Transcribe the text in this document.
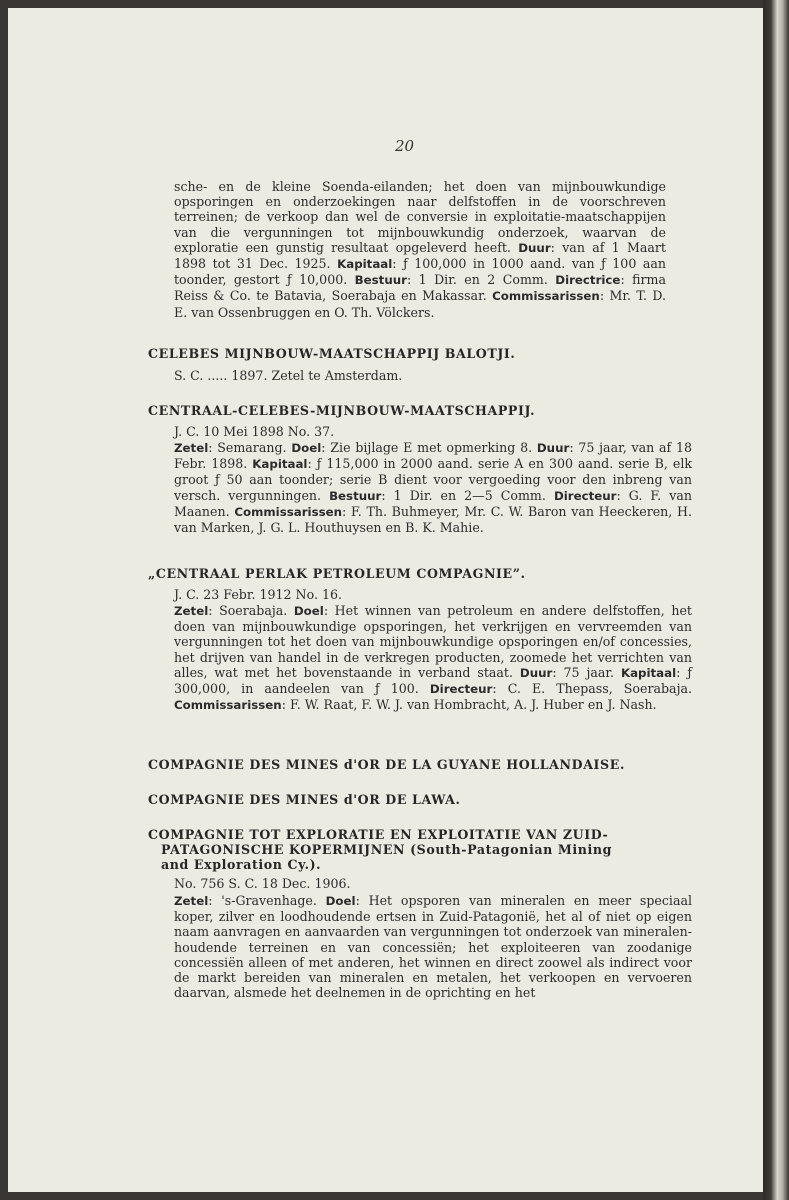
20

sche- en de kleine Soenda-eilanden; het doen van mijnbouwkundige opsporingen en onderzoekingen naar delfstoffen in de voorschreven terreinen; de verkoop dan wel de conversie in exploitatie-maatschappijen van die vergunningen tot mijnbouwkundig onderzoek, waarvan de exploratie een gunstig resultaat opgeleverd heeft. Duur: van af 1 Maart 1898 tot 31 Dec. 1925. Kapitaal: ƒ 100,000 in 1000 aand. van ƒ 100 aan toonder, gestort ƒ 10,000. Bestuur: 1 Dir. en 2 Comm. Directrice: firma Reiss & Co. te Batavia, Soerabaja en Makassar. Commissarissen: Mr. T. D. E. van Ossenbruggen en O. Th. Völckers.

CELEBES MIJNBOUW-MAATSCHAPPIJ BALOTJI.
S. C. ..... 1897. Zetel te Amsterdam.
CENTRAAL-CELEBES-MIJNBOUW-MAATSCHAPPIJ.
J. C. 10 Mei 1898 No. 37.

Zetel: Semarang. Doel: Zie bijlage E met opmerking 8. Duur: 75 jaar, van af 18 Febr. 1898. Kapitaal: ƒ 115,000 in 2000 aand. serie A en 300 aand. serie B, elk groot ƒ 50 aan toonder; serie B dient voor vergoeding voor den inbreng van versch. vergunningen. Bestuur: 1 Dir. en 2—5 Comm. Directeur: G. F. van Maanen. Commissarissen: F. Th. Buhmeyer, Mr. C. W. Baron van Heeckeren, H. van Marken, J. G. L. Houthuysen en B. K. Mahie.

„CENTRAAL PERLAK PETROLEUM COMPAGNIE”.
J. C. 23 Febr. 1912 No. 16.

Zetel: Soerabaja. Doel: Het winnen van petroleum en andere delfstoffen, het doen van mijnbouwkundige opsporingen, het verkrijgen en vervreemden van vergunningen tot het doen van mijnbouwkundige opsporingen en/of concessies, het drijven van handel in de verkregen producten, zoomede het verrichten van alles, wat met het bovenstaande in verband staat. Duur: 75 jaar. Kapitaal: ƒ 300,000, in aandeelen van ƒ 100. Directeur: C. E. Thepass, Soerabaja. Commissarissen: F. W. Raat, F. W. J. van Hombracht, A. J. Huber en J. Nash.

COMPAGNIE DES MINES d'OR DE LA GUYANE HOLLANDAISE.
COMPAGNIE DES MINES d'OR DE LAWA.
COMPAGNIE TOT EXPLORATIE EN EXPLOITATIE VAN ZUID-
PATAGONISCHE KOPERMIJNEN (South-Patagonian Mining
and Exploration Cy.).
No. 756 S. C. 18 Dec. 1906.

Zetel: 's-Gravenhage. Doel: Het opsporen van mineralen en meer speciaal koper, zilver en loodhoudende ertsen in Zuid-Patagonië, het al of niet op eigen naam aanvragen en aanvaarden van vergunningen tot onderzoek van mineralen-houdende terreinen en van concessiën; het exploiteeren van zoodanige concessiën alleen of met anderen, het winnen en direct zoowel als indirect voor de markt bereiden van mineralen en metalen, het verkoopen en vervoeren daarvan, alsmede het deelnemen in de oprichting en het
